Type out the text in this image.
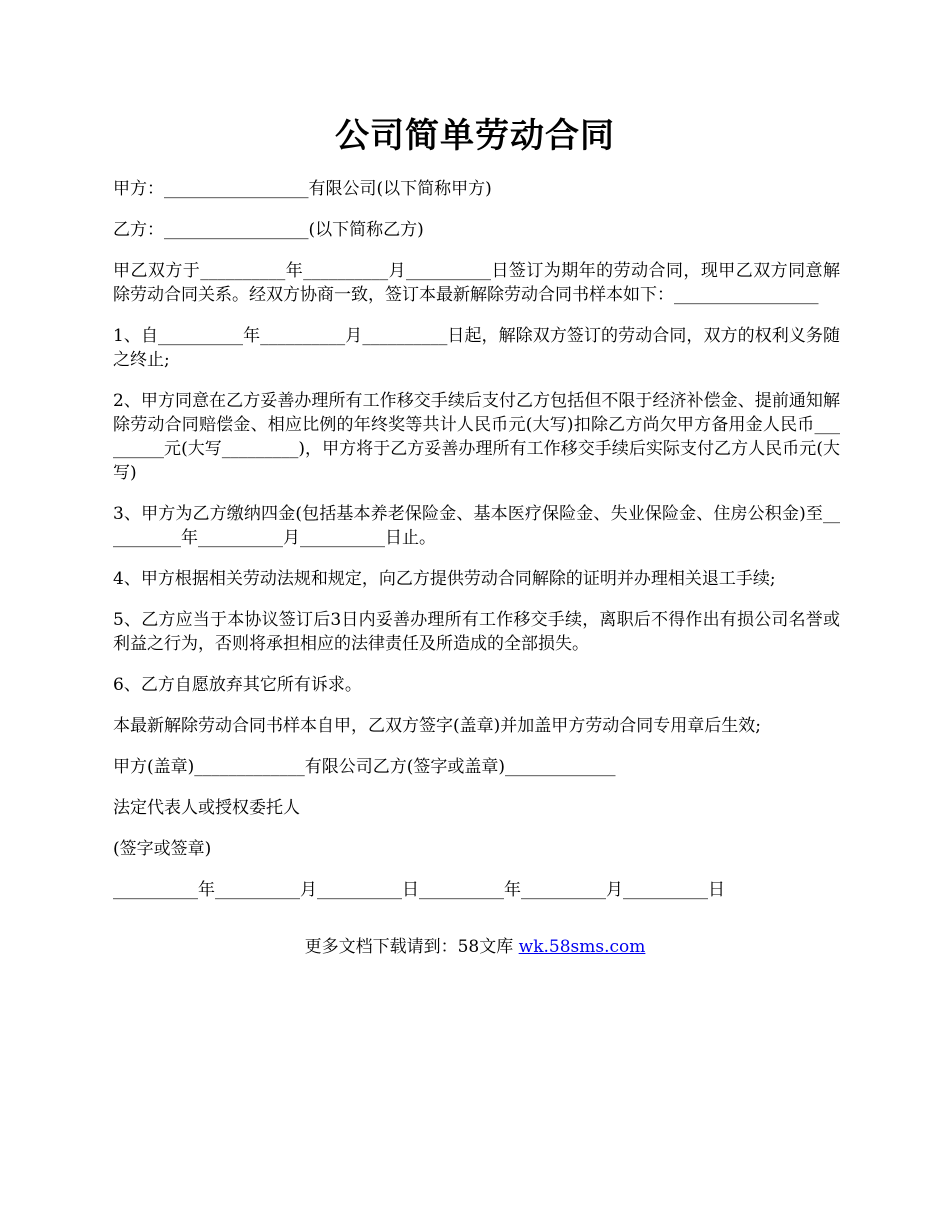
公司简单劳动合同

甲方：_________________有限公司(以下简称甲方)

乙方：_________________(以下简称乙方)

甲乙双方于__________年__________月__________日签订为期年的劳动合同，现甲乙双方同意解除劳动合同关系。经双方协商一致，签订本最新解除劳动合同书样本如下：_________________

1、自__________年__________月__________日起，解除双方签订的劳动合同，双方的权利义务随之终止;

2、甲方同意在乙方妥善办理所有工作移交手续后支付乙方包括但不限于经济补偿金、提前通知解除劳动合同赔偿金、相应比例的年终奖等共计人民币元(大写)扣除乙方尚欠甲方备用金人民币_________元(大写_________)，甲方将于乙方妥善办理所有工作移交手续后实际支付乙方人民币元(大写)

3、甲方为乙方缴纳四金(包括基本养老保险金、基本医疗保险金、失业保险金、住房公积金)至__________年__________月__________日止。

4、甲方根据相关劳动法规和规定，向乙方提供劳动合同解除的证明并办理相关退工手续;

5、乙方应当于本协议签订后3日内妥善办理所有工作移交手续，离职后不得作出有损公司名誉或利益之行为，否则将承担相应的法律责任及所造成的全部损失。

6、乙方自愿放弃其它所有诉求。

本最新解除劳动合同书样本自甲，乙双方签字(盖章)并加盖甲方劳动合同专用章后生效;

甲方(盖章)_____________有限公司乙方(签字或盖章)_____________

法定代表人或授权委托人

(签字或签章)

__________年__________月__________日__________年__________月__________日

更多文档下载请到：58文库 wk.58sms.com
